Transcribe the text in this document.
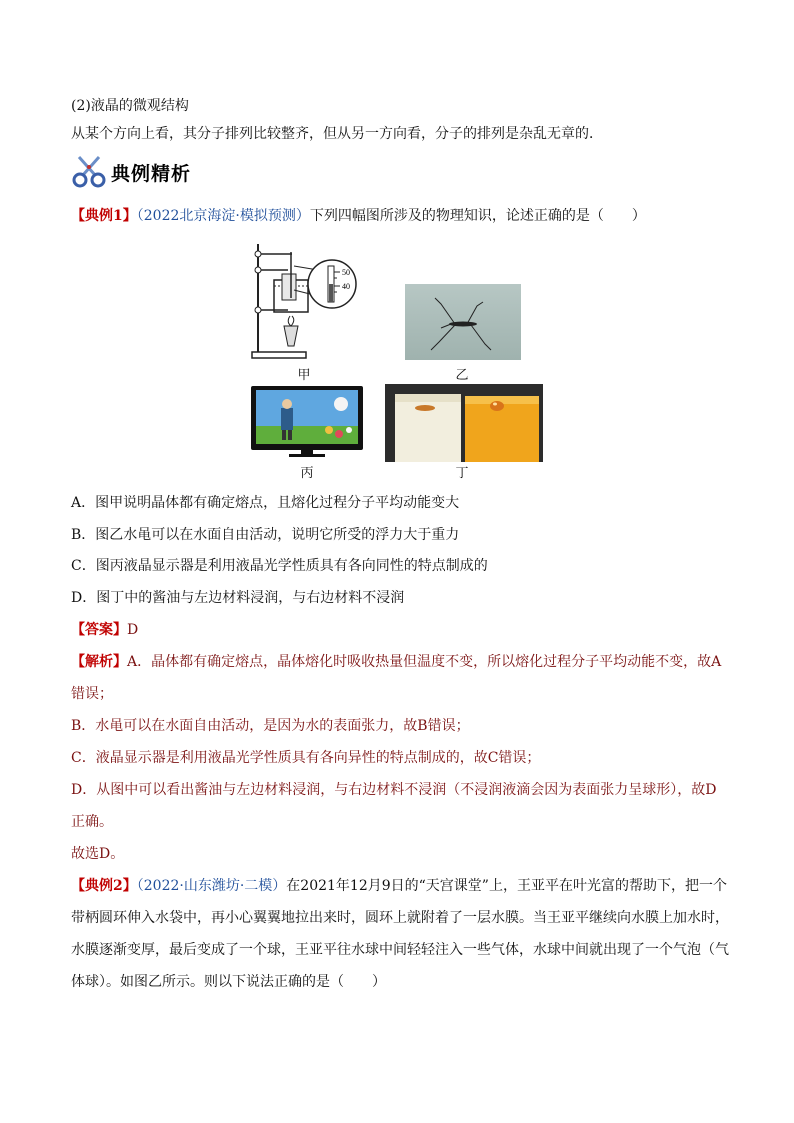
(2)液晶的微观结构
从某个方向上看，其分子排列比较整齐，但从另一方向看，分子的排列是杂乱无章的．
典例精析
【典例1】（2022北京海淀·模拟预测）下列四幅图所涉及的物理知识，论述正确的是（　　）
50
40
甲	乙
丙	丁
A．图甲说明晶体都有确定熔点，且熔化过程分子平均动能变大
B．图乙水黾可以在水面自由活动，说明它所受的浮力大于重力
C．图丙液晶显示器是利用液晶光学性质具有各向同性的特点制成的
D．图丁中的酱油与左边材料浸润，与右边材料不浸润
【答案】D
【解析】A．晶体都有确定熔点，晶体熔化时吸收热量但温度不变，所以熔化过程分子平均动能不变，故A
错误；
B．水黾可以在水面自由活动，是因为水的表面张力，故B错误；
C．液晶显示器是利用液晶光学性质具有各向异性的特点制成的，故C错误；
D．从图中可以看出酱油与左边材料浸润，与右边材料不浸润（不浸润液滴会因为表面张力呈球形），故D
正确。
故选D。
【典例2】（2022·山东潍坊·二模）在2021年12月9日的“天宫课堂”上，王亚平在叶光富的帮助下，把一个
带柄圆环伸入水袋中，再小心翼翼地拉出来时，圆环上就附着了一层水膜。当王亚平继续向水膜上加水时，
水膜逐渐变厚，最后变成了一个球，王亚平往水球中间轻轻注入一些气体，水球中间就出现了一个气泡（气
体球）。如图乙所示。则以下说法正确的是（　　）
